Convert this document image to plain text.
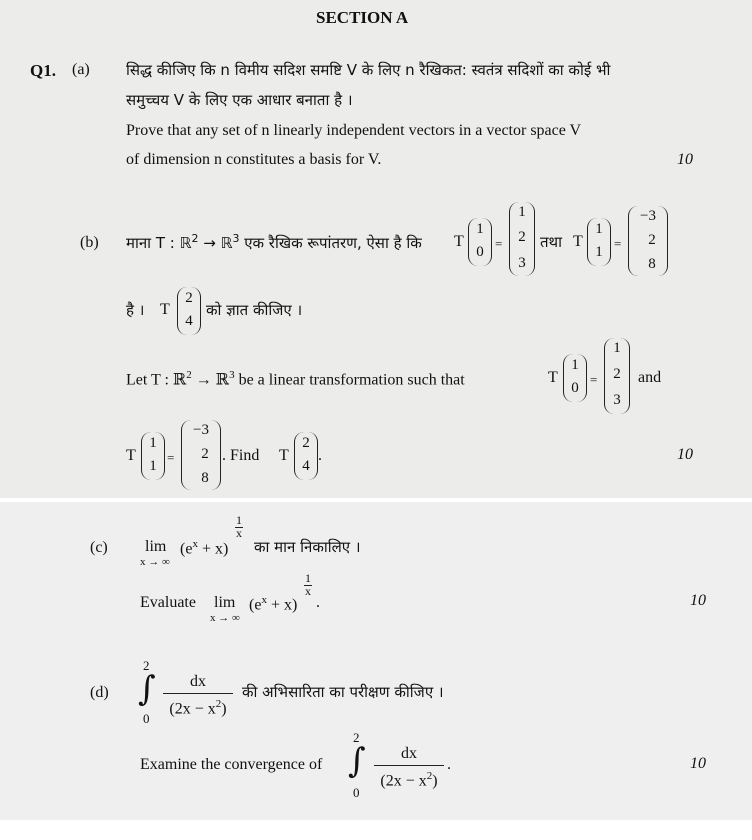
SECTION A
Q1. (a) सिद्ध कीजिए कि n विमीय सदिश समष्टि V के लिए n रैखिकत: स्वतंत्र सदिशों का कोई भी
समुच्चय V के लिए एक आधार बनाता है ।
Prove that any set of n linearly independent vectors in a vector space V
of dimension n constitutes a basis for V.	10
(b) माना T : ℝ$^2$ → ℝ$^3$ एक रैखिक रूपांतरण, ऐसा है कि T
1
0
=
1
2
3
तथा T
1
1
=
−3
2
8
है । T
2
4
को ज्ञात कीजिए ।
Let T : ℝ$^2$ → ℝ$^3$ be a linear transformation such that	T
1
0
=
1
2
3
and
T
1
1
=
−3
2
8
. Find T
2
4
.	10
(c) lim
x → ∞
$(e^x + x)$
1
x
का मान निकालिए ।
Evaluate lim
x → ∞
$(e^x + x)$
1
x
.	10
(d)
2
∫
0
dx
$(2x - x^2)$
की अभिसारिता का परीक्षण कीजिए ।
Examine the convergence of
2
∫
0
dx
$(2x - x^2)$
.	10
